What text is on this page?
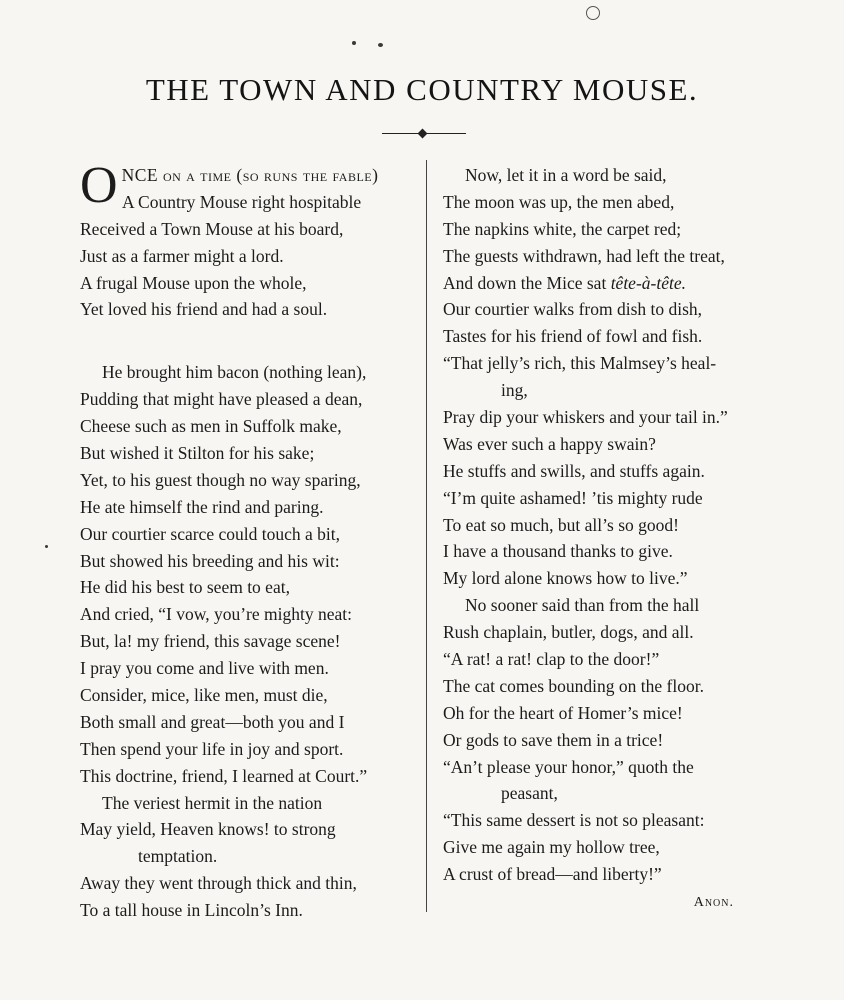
THE TOWN AND COUNTRY MOUSE.
ONCE on a time (so runs the fable)
A Country Mouse right hospitable
Received a Town Mouse at his board,
Just as a farmer might a lord.
A frugal Mouse upon the whole,
Yet loved his friend and had a soul.
He brought him bacon (nothing lean),
Pudding that might have pleased a dean,
Cheese such as men in Suffolk make,
But wished it Stilton for his sake;
Yet, to his guest though no way sparing,
He ate himself the rind and paring.
Our courtier scarce could touch a bit,
But showed his breeding and his wit:
He did his best to seem to eat,
And cried, “I vow, you’re mighty neat:
But, la! my friend, this savage scene!
I pray you come and live with men.
Consider, mice, like men, must die,
Both small and great—both you and I
Then spend your life in joy and sport.
This doctrine, friend, I learned at Court.”
The veriest hermit in the nation
May yield, Heaven knows! to strong
temptation.
Away they went through thick and thin,
To a tall house in Lincoln’s Inn.
Now, let it in a word be said,
The moon was up, the men abed,
The napkins white, the carpet red;
The guests withdrawn, had left the treat,
And down the Mice sat tête-à-tête.
Our courtier walks from dish to dish,
Tastes for his friend of fowl and fish.
“That jelly’s rich, this Malmsey’s heal-
ing,
Pray dip your whiskers and your tail in.”
Was ever such a happy swain?
He stuffs and swills, and stuffs again.
“I’m quite ashamed! ’tis mighty rude
To eat so much, but all’s so good!
I have a thousand thanks to give.
My lord alone knows how to live.”
No sooner said than from the hall
Rush chaplain, butler, dogs, and all.
“A rat! a rat! clap to the door!”
The cat comes bounding on the floor.
Oh for the heart of Homer’s mice!
Or gods to save them in a trice!
“An’t please your honor,” quoth the
peasant,
“This same dessert is not so pleasant:
Give me again my hollow tree,
A crust of bread—and liberty!”
Anon.
